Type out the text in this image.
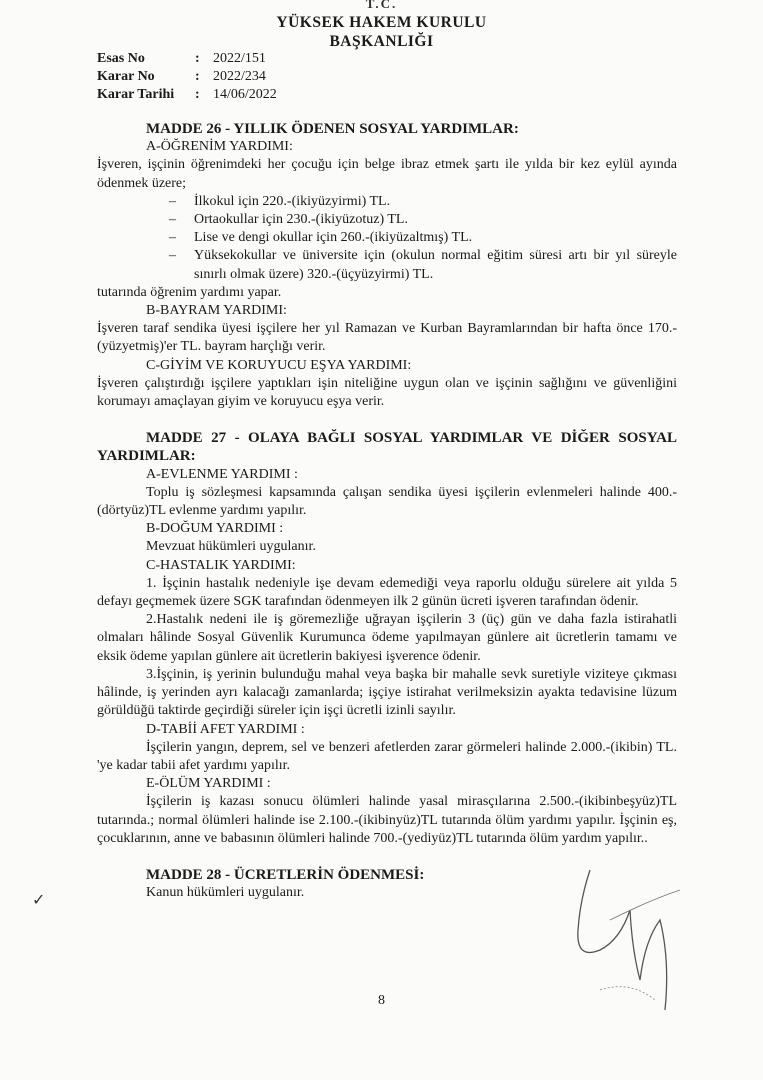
T.C.
YÜKSEK HAKEM KURULU
BAŞKANLIĞI
Esas No	: 2022/151
Karar No	: 2022/234
Karar Tarihi	: 14/06/2022

MADDE 26 - YILLIK ÖDENEN SOSYAL YARDIMLAR:

A-ÖĞRENİM YARDIMI:

İşveren, işçinin öğrenimdeki her çocuğu için belge ibraz etmek şartı ile yılda bir kez eylül ayında ödenmek üzere;

– İlkokul için 220.-(ikiyüzyirmi) TL.
– Ortaokullar için 230.-(ikiyüzotuz) TL.
– Lise ve dengi okullar için 260.-(ikiyüzaltmış) TL.
– Yüksekokullar ve üniversite için (okulun normal eğitim süresi artı bir yıl süreyle sınırlı olmak üzere) 320.-(üçyüzyirmi) TL.

tutarında öğrenim yardımı yapar.

B-BAYRAM YARDIMI:

İşveren taraf sendika üyesi işçilere her yıl Ramazan ve Kurban Bayramlarından bir hafta önce 170.-(yüzyetmiş)'er TL. bayram harçlığı verir.

C-GİYİM VE KORUYUCU EŞYA YARDIMI:

İşveren çalıştırdığı işçilere yaptıkları işin niteliğine uygun olan ve işçinin sağlığını ve güvenliğini korumayı amaçlayan giyim ve koruyucu eşya verir.

MADDE 27 - OLAYA BAĞLI SOSYAL YARDIMLAR VE DİĞER SOSYAL YARDIMLAR:

A-EVLENME YARDIMI :

Toplu iş sözleşmesi kapsamında çalışan sendika üyesi işçilerin evlenmeleri halinde 400.-(dörtyüz)TL evlenme yardımı yapılır.

B-DOĞUM YARDIMI :

Mevzuat hükümleri uygulanır.

C-HASTALIK YARDIMI:

1. İşçinin hastalık nedeniyle işe devam edemediği veya raporlu olduğu sürelere ait yılda 5 defayı geçmemek üzere SGK tarafından ödenmeyen ilk 2 günün ücreti işveren tarafından ödenir.

2.Hastalık nedeni ile iş göremezliğe uğrayan işçilerin 3 (üç) gün ve daha fazla istirahatli olmaları hâlinde Sosyal Güvenlik Kurumunca ödeme yapılmayan günlere ait ücretlerin tamamı ve eksik ödeme yapılan günlere ait ücretlerin bakiyesi işverence ödenir.

3.İşçinin, iş yerinin bulunduğu mahal veya başka bir mahalle sevk suretiyle viziteye çıkması hâlinde, iş yerinden ayrı kalacağı zamanlarda; işçiye istirahat verilmeksizin ayakta tedavisine lüzum görüldüğü taktirde geçirdiği süreler için işçi ücretli izinli sayılır.

D-TABİİ AFET YARDIMI :

İşçilerin yangın, deprem, sel ve benzeri afetlerden zarar görmeleri halinde 2.000.-(ikibin) TL. 'ye kadar tabii afet yardımı yapılır.

E-ÖLÜM YARDIMI :

İşçilerin iş kazası sonucu ölümleri halinde yasal mirasçılarına 2.500.-(ikibinbeşyüz)TL tutarında.; normal ölümleri halinde ise 2.100.-(ikibinyüz)TL tutarında ölüm yardımı yapılır. İşçinin eş, çocuklarının, anne ve babasının ölümleri halinde 700.-(yediyüz)TL tutarında ölüm yardım yapılır..

MADDE 28 - ÜCRETLERİN ÖDENMESİ:

Kanun hükümleri uygulanır.

✓
8
